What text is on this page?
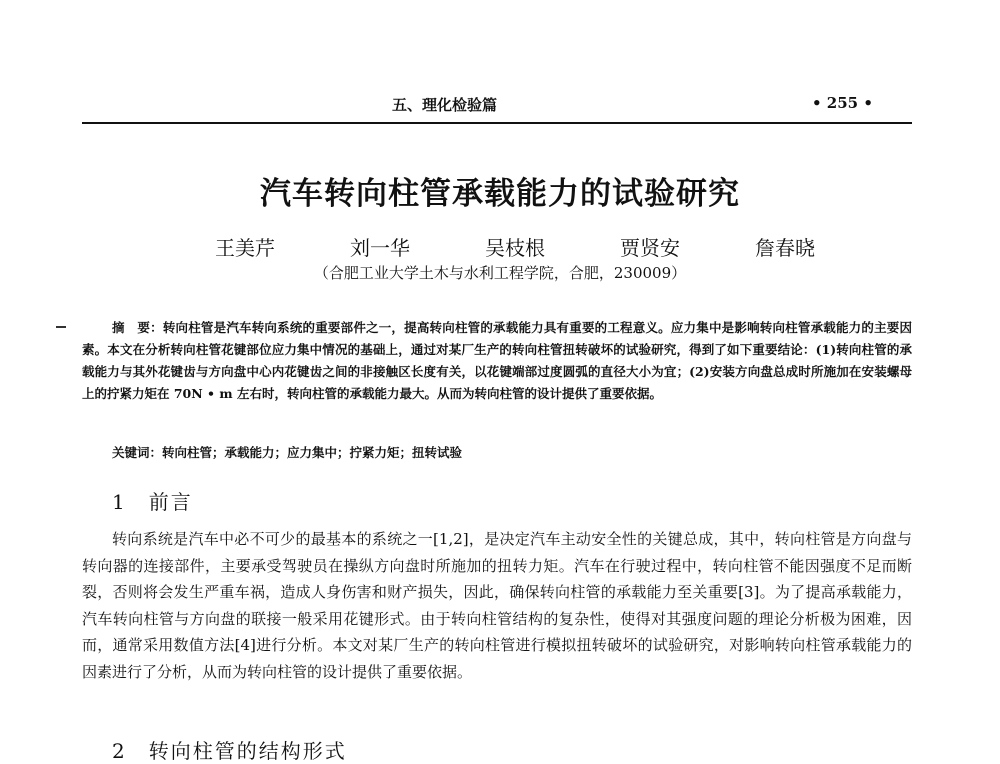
五、理化检验篇	• 255 •
汽车转向柱管承载能力的试验研究
王美芹	刘一华	吴枝根	贾贤安	詹春晓
（合肥工业大学土木与水利工程学院，合肥，230009）
摘　要：转向柱管是汽车转向系统的重要部件之一，提高转向柱管的承载能力具有重要的工程意义。应力集中是影响转向柱管承载能力的主要因素。本文在分析转向柱管花键部位应力集中情况的基础上，通过对某厂生产的转向柱管扭转破坏的试验研究，得到了如下重要结论：(1)转向柱管的承载能力与其外花键齿与方向盘中心内花键齿之间的非接触区长度有关，以花键端部过度圆弧的直径大小为宜；(2)安装方向盘总成时所施加在安装螺母上的拧紧力矩在 70N • m 左右时，转向柱管的承载能力最大。从而为转向柱管的设计提供了重要依据。
关键词：转向柱管；承载能力；应力集中；拧紧力矩；扭转试验
1　前言
转向系统是汽车中必不可少的最基本的系统之一[1,2]，是决定汽车主动安全性的关键总成，其中，转向柱管是方向盘与转向器的连接部件，主要承受驾驶员在操纵方向盘时所施加的扭转力矩。汽车在行驶过程中，转向柱管不能因强度不足而断裂，否则将会发生严重车祸，造成人身伤害和财产损失，因此，确保转向柱管的承载能力至关重要[3]。为了提高承载能力，汽车转向柱管与方向盘的联接一般采用花键形式。由于转向柱管结构的复杂性，使得对其强度问题的理论分析极为困难，因而，通常采用数值方法[4]进行分析。本文对某厂生产的转向柱管进行模拟扭转破坏的试验研究，对影响转向柱管承载能力的因素进行了分析，从而为转向柱管的设计提供了重要依据。
2　转向柱管的结构形式
